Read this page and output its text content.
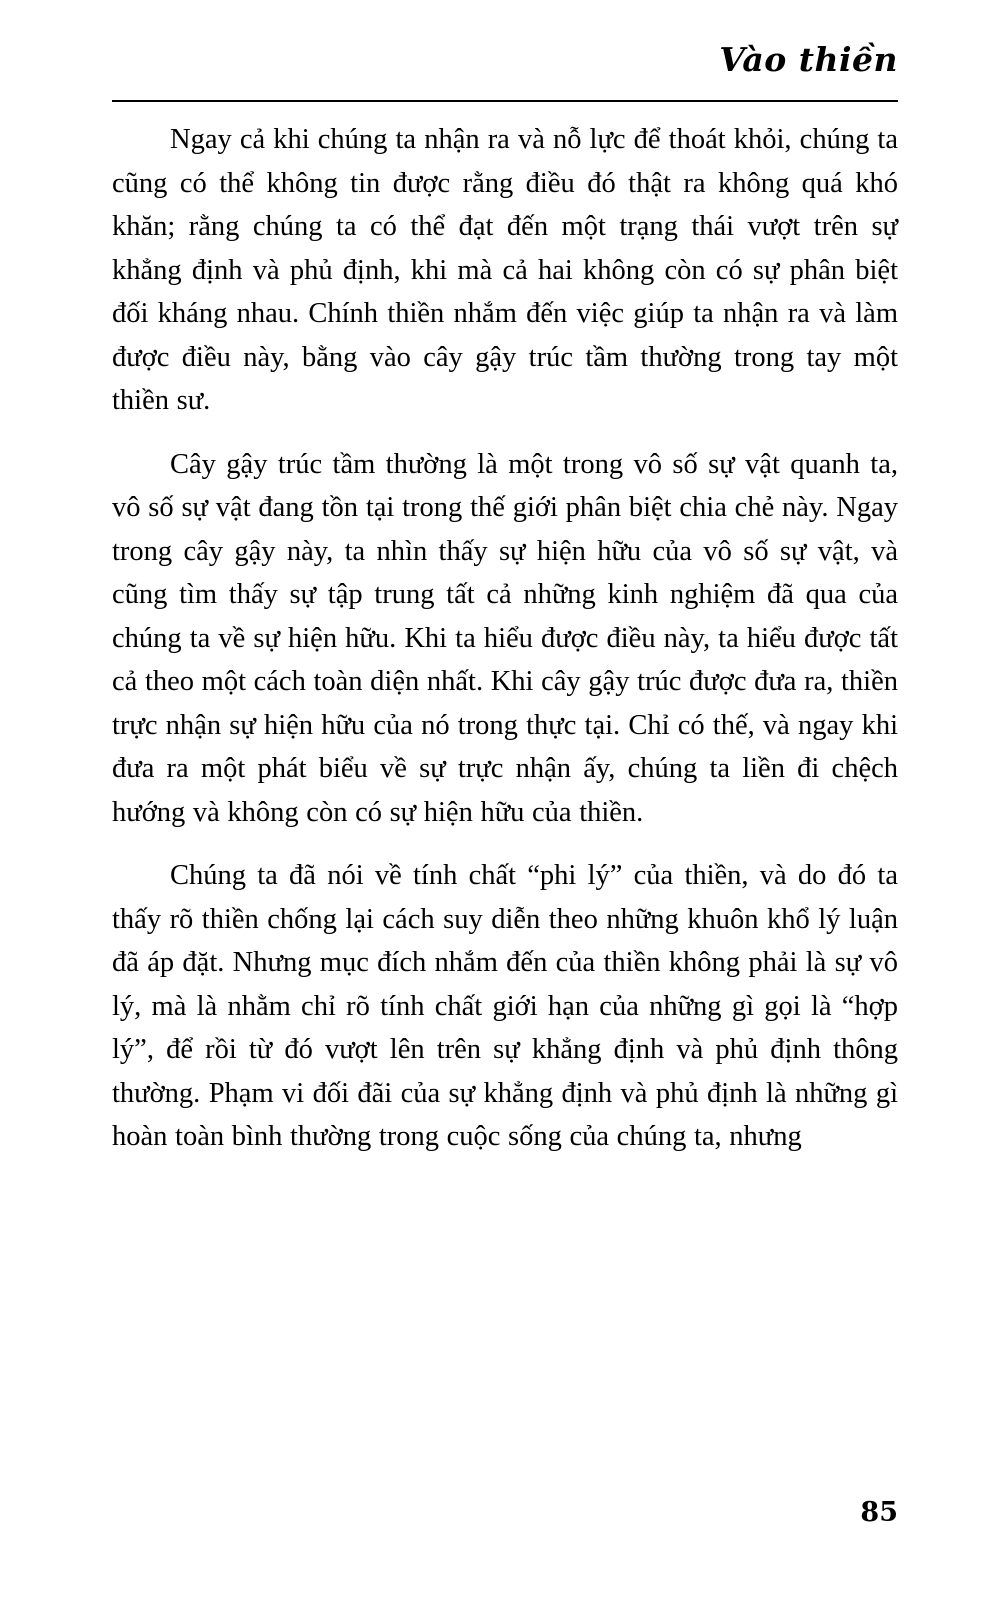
Vào thiền

Ngay cả khi chúng ta nhận ra và nỗ lực để thoát khỏi, chúng ta cũng có thể không tin được rằng điều đó thật ra không quá khó khăn; rằng chúng ta có thể đạt đến một trạng thái vượt trên sự khẳng định và phủ định, khi mà cả hai không còn có sự phân biệt đối kháng nhau. Chính thiền nhắm đến việc giúp ta nhận ra và làm được điều này, bằng vào cây gậy trúc tầm thường trong tay một thiền sư.

Cây gậy trúc tầm thường là một trong vô số sự vật quanh ta, vô số sự vật đang tồn tại trong thế giới phân biệt chia chẻ này. Ngay trong cây gậy này, ta nhìn thấy sự hiện hữu của vô số sự vật, và cũng tìm thấy sự tập trung tất cả những kinh nghiệm đã qua của chúng ta về sự hiện hữu. Khi ta hiểu được điều này, ta hiểu được tất cả theo một cách toàn diện nhất. Khi cây gậy trúc được đưa ra, thiền trực nhận sự hiện hữu của nó trong thực tại. Chỉ có thế, và ngay khi đưa ra một phát biểu về sự trực nhận ấy, chúng ta liền đi chệch hướng và không còn có sự hiện hữu của thiền.

Chúng ta đã nói về tính chất “phi lý” của thiền, và do đó ta thấy rõ thiền chống lại cách suy diễn theo những khuôn khổ lý luận đã áp đặt. Nhưng mục đích nhắm đến của thiền không phải là sự vô lý, mà là nhằm chỉ rõ tính chất giới hạn của những gì gọi là “hợp lý”, để rồi từ đó vượt lên trên sự khẳng định và phủ định thông thường. Phạm vi đối đãi của sự khẳng định và phủ định là những gì hoàn toàn bình thường trong cuộc sống của chúng ta, nhưng

85
